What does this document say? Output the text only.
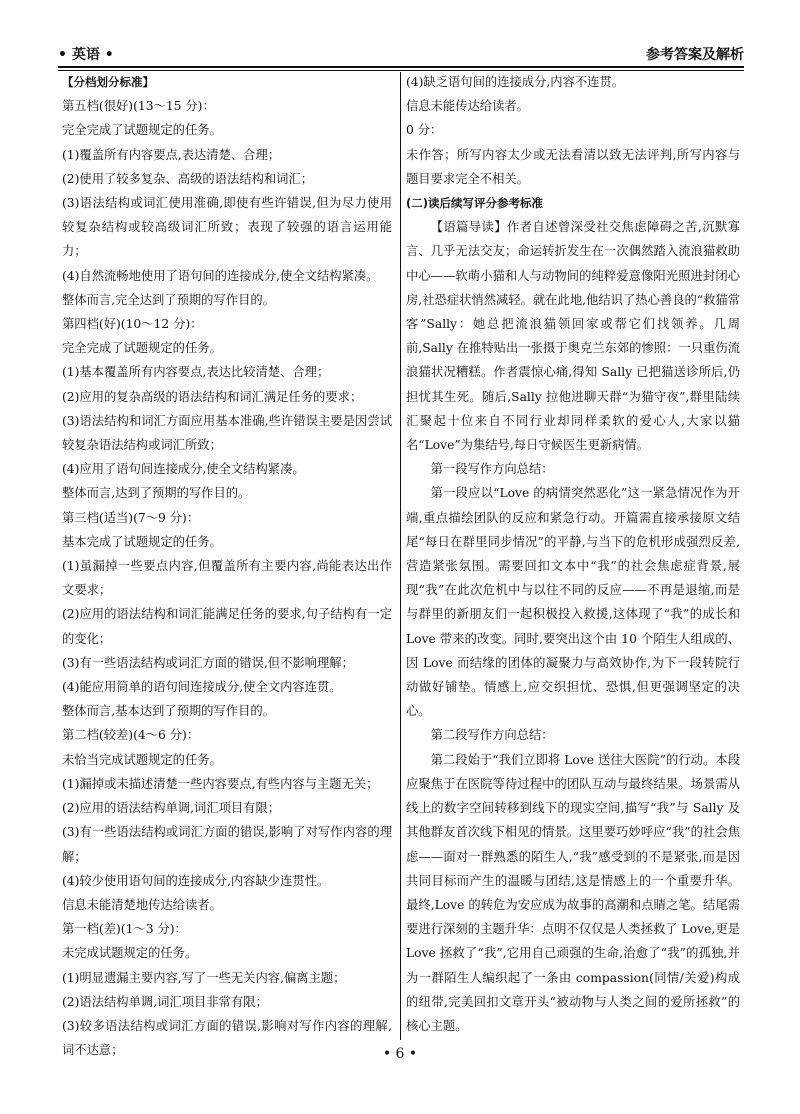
• 英语 •	参考答案及解析

【分档划分标准】

第五档(很好)(13～15 分)：

完全完成了试题规定的任务。

(1)覆盖所有内容要点,表达清楚、合理；

(2)使用了较多复杂、高级的语法结构和词汇；

(3)语法结构或词汇使用准确,即使有些许错误,但为尽力使用较复杂结构或较高级词汇所致；表现了较强的语言运用能力；

(4)自然流畅地使用了语句间的连接成分,使全文结构紧凑。

整体而言,完全达到了预期的写作目的。

第四档(好)(10～12 分)：

完全完成了试题规定的任务。

(1)基本覆盖所有内容要点,表达比较清楚、合理；

(2)应用的复杂高级的语法结构和词汇满足任务的要求；

(3)语法结构和词汇方面应用基本准确,些许错误主要是因尝试较复杂语法结构或词汇所致；

(4)应用了语句间连接成分,使全文结构紧凑。

整体而言,达到了预期的写作目的。

第三档(适当)(7～9 分)：

基本完成了试题规定的任务。

(1)虽漏掉一些要点内容,但覆盖所有主要内容,尚能表达出作文要求；

(2)应用的语法结构和词汇能满足任务的要求,句子结构有一定的变化；

(3)有一些语法结构或词汇方面的错误,但不影响理解；

(4)能应用简单的语句间连接成分,使全文内容连贯。

整体而言,基本达到了预期的写作目的。

第二档(较差)(4～6 分)：

未恰当完成试题规定的任务。

(1)漏掉或未描述清楚一些内容要点,有些内容与主题无关；

(2)应用的语法结构单调,词汇项目有限；

(3)有一些语法结构或词汇方面的错误,影响了对写作内容的理解；

(4)较少使用语句间的连接成分,内容缺少连贯性。

信息未能清楚地传达给读者。

第一档(差)(1～3 分)：

未完成试题规定的任务。

(1)明显遗漏主要内容,写了一些无关内容,偏离主题；

(2)语法结构单调,词汇项目非常有限；

(3)较多语法结构或词汇方面的错误,影响对写作内容的理解,词不达意；

(4)缺乏语句间的连接成分,内容不连贯。

信息未能传达给读者。

0 分：

未作答；所写内容太少或无法看清以致无法评判,所写内容与题目要求完全不相关。

(二)读后续写评分参考标准

【语篇导读】作者自述曾深受社交焦虑障碍之苦,沉默寡言、几乎无法交友；命运转折发生在一次偶然踏入流浪猫救助中心——软萌小猫和人与动物间的纯粹爱意像阳光照进封闭心房,社恐症状悄然减轻。就在此地,他结识了热心善良的“救猫常客”Sally：她总把流浪猫领回家或帮它们找领养。几周前,Sally 在推特贴出一张摄于奥克兰东郊的惨照：一只重伤流浪猫状况糟糕。作者震惊心痛,得知 Sally 已把猫送诊所后,仍担忧其生死。随后,Sally 拉他进聊天群“为猫守夜”,群里陆续汇聚起十位来自不同行业却同样柔软的爱心人,大家以猫名“Love”为集结号,每日守候医生更新病情。

第一段写作方向总结：

第一段应以“Love 的病情突然恶化”这一紧急情况作为开端,重点描绘团队的反应和紧急行动。开篇需直接承接原文结尾“每日在群里同步情况”的平静,与当下的危机形成强烈反差,营造紧张氛围。需要回扣文本中“我”的社会焦虑症背景,展现“我”在此次危机中与以往不同的反应——不再是退缩,而是与群里的新朋友们一起积极投入救援,这体现了“我”的成长和 Love 带来的改变。同时,要突出这个由 10 个陌生人组成的、因 Love 而结缘的团体的凝聚力与高效协作,为下一段转院行动做好铺垫。情感上,应交织担忧、恐惧,但更强调坚定的决心。

第二段写作方向总结：

第二段始于“我们立即将 Love 送往大医院”的行动。本段应聚焦于在医院等待过程中的团队互动与最终结果。场景需从线上的数字空间转移到线下的现实空间,描写“我”与 Sally 及其他群友首次线下相见的情景。这里要巧妙呼应“我”的社会焦虑——面对一群熟悉的陌生人,“我”感受到的不是紧张,而是因共同目标而产生的温暖与团结,这是情感上的一个重要升华。最终,Love 的转危为安应成为故事的高潮和点睛之笔。结尾需要进行深刻的主题升华：点明不仅仅是人类拯救了 Love,更是 Love 拯救了“我”,它用自己顽强的生命,治愈了“我”的孤独,并为一群陌生人编织起了一条由 compassion(同情/关爱)构成的纽带,完美回扣文章开头“被动物与人类之间的爱所拯救”的核心主题。

• 6 •
